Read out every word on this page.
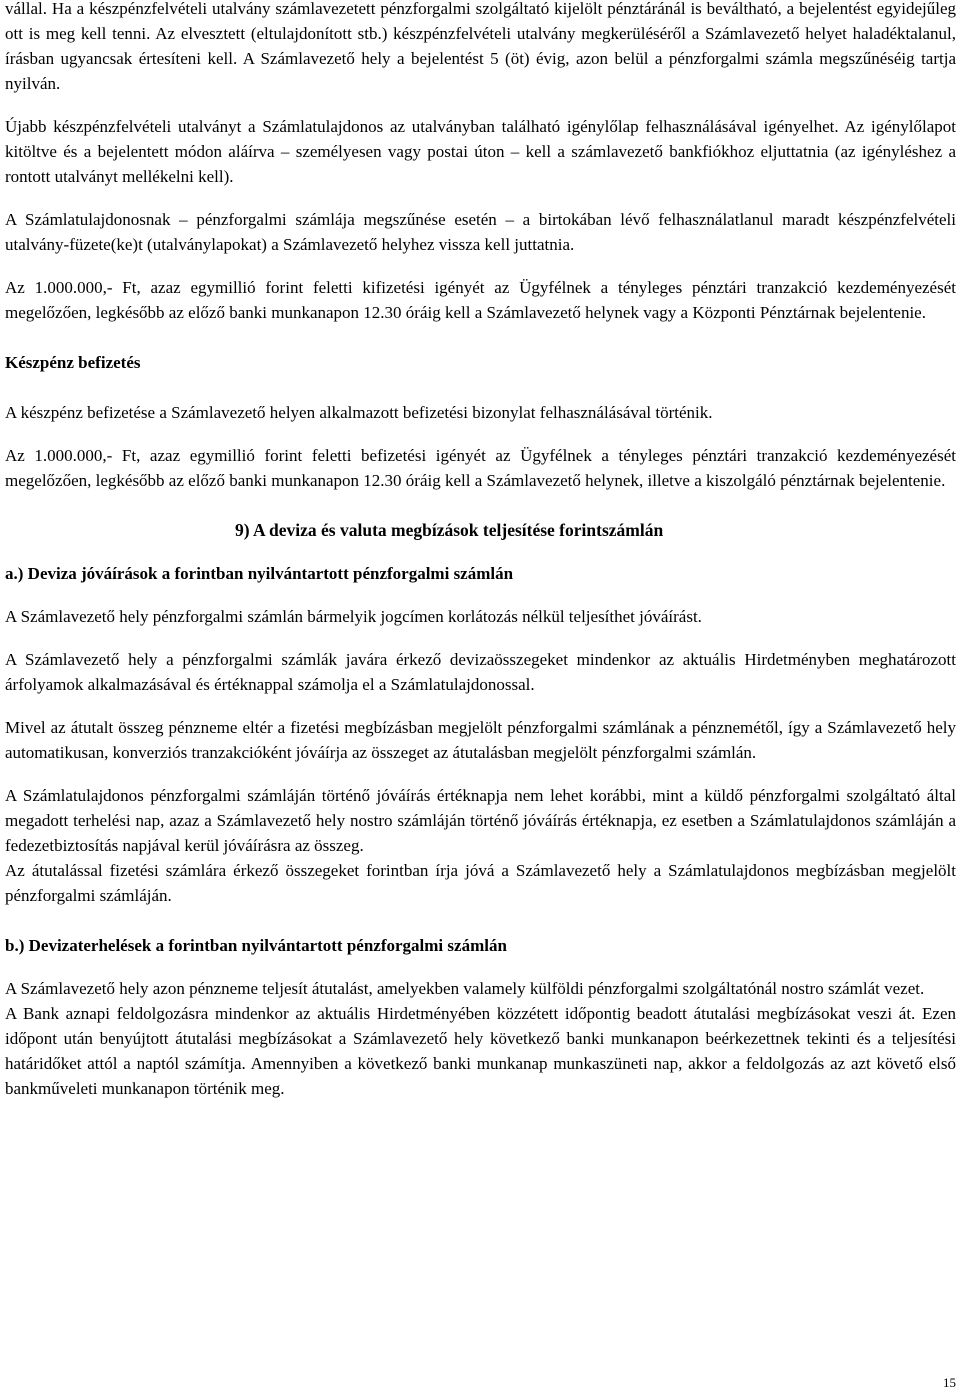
vállal. Ha a készpénzfelvételi utalvány számlavezetett pénzforgalmi szolgáltató kijelölt pénztáránál is beváltható, a bejelentést egyidejűleg ott is meg kell tenni. Az elvesztett (eltulajdonított stb.) készpénzfelvételi utalvány megkerüléséről a Számlavezető helyet haladéktalanul, írásban ugyancsak értesíteni kell. A Számlavezető hely a bejelentést 5 (öt) évig, azon belül a pénzforgalmi számla megszűnéséig tartja nyilván.

Újabb készpénzfelvételi utalványt a Számlatulajdonos az utalványban található igénylőlap felhasználásával igényelhet. Az igénylőlapot kitöltve és a bejelentett módon aláírva – személyesen vagy postai úton – kell a számlavezető bankfiókhoz eljuttatnia (az igényléshez a rontott utalványt mellékelni kell).

A Számlatulajdonosnak – pénzforgalmi számlája megszűnése esetén – a birtokában lévő felhasználatlanul maradt készpénzfelvételi utalvány-füzete(ke)t (utalványlapokat) a Számlavezető helyhez vissza kell juttatnia.

Az 1.000.000,- Ft, azaz egymillió forint feletti kifizetési igényét az Ügyfélnek a tényleges pénztári tranzakció kezdeményezését megelőzően, legkésőbb az előző banki munkanapon 12.30 óráig kell a Számlavezető helynek vagy a Központi Pénztárnak bejelentenie.

Készpénz befizetés

A készpénz befizetése a Számlavezető helyen alkalmazott befizetési bizonylat felhasználásával történik.

Az 1.000.000,- Ft, azaz egymillió forint feletti befizetési igényét az Ügyfélnek a tényleges pénztári tranzakció kezdeményezését megelőzően, legkésőbb az előző banki munkanapon 12.30 óráig kell a Számlavezető helynek, illetve a kiszolgáló pénztárnak bejelentenie.

9) A deviza és valuta megbízások teljesítése forintszámlán

a.) Deviza jóváírások a forintban nyilvántartott pénzforgalmi számlán

A Számlavezető hely pénzforgalmi számlán bármelyik jogcímen korlátozás nélkül teljesíthet jóváírást.

A Számlavezető hely a pénzforgalmi számlák javára érkező devizaösszegeket mindenkor az aktuális Hirdetményben meghatározott árfolyamok alkalmazásával és értéknappal számolja el a Számlatulajdonossal.

Mivel az átutalt összeg pénzneme eltér a fizetési megbízásban megjelölt pénzforgalmi számlának a pénznemétől, így a Számlavezető hely automatikusan, konverziós tranzakcióként jóváírja az összeget az átutalásban megjelölt pénzforgalmi számlán.

A Számlatulajdonos pénzforgalmi számláján történő jóváírás értéknapja nem lehet korábbi, mint a küldő pénzforgalmi szolgáltató által megadott terhelési nap, azaz a Számlavezető hely nostro számláján történő jóváírás értéknapja, ez esetben a Számlatulajdonos számláján a fedezetbiztosítás napjával kerül jóváírásra az összeg.

Az átutalással fizetési számlára érkező összegeket forintban írja jóvá a Számlavezető hely a Számlatulajdonos megbízásban megjelölt pénzforgalmi számláján.

b.) Devizaterhelések a forintban nyilvántartott pénzforgalmi számlán

A Számlavezető hely azon pénzneme teljesít átutalást, amelyekben valamely külföldi pénzforgalmi szolgáltatónál nostro számlát vezet.

A Bank aznapi feldolgozásra mindenkor az aktuális Hirdetményében közzétett időpontig beadott átutalási megbízásokat veszi át. Ezen időpont után benyújtott átutalási megbízásokat a Számlavezető hely következő banki munkanapon beérkezettnek tekinti és a teljesítési határidőket attól a naptól számítja. Amennyiben a következő banki munkanap munkaszüneti nap, akkor a feldolgozás az azt követő első bankműveleti munkanapon történik meg.

15
